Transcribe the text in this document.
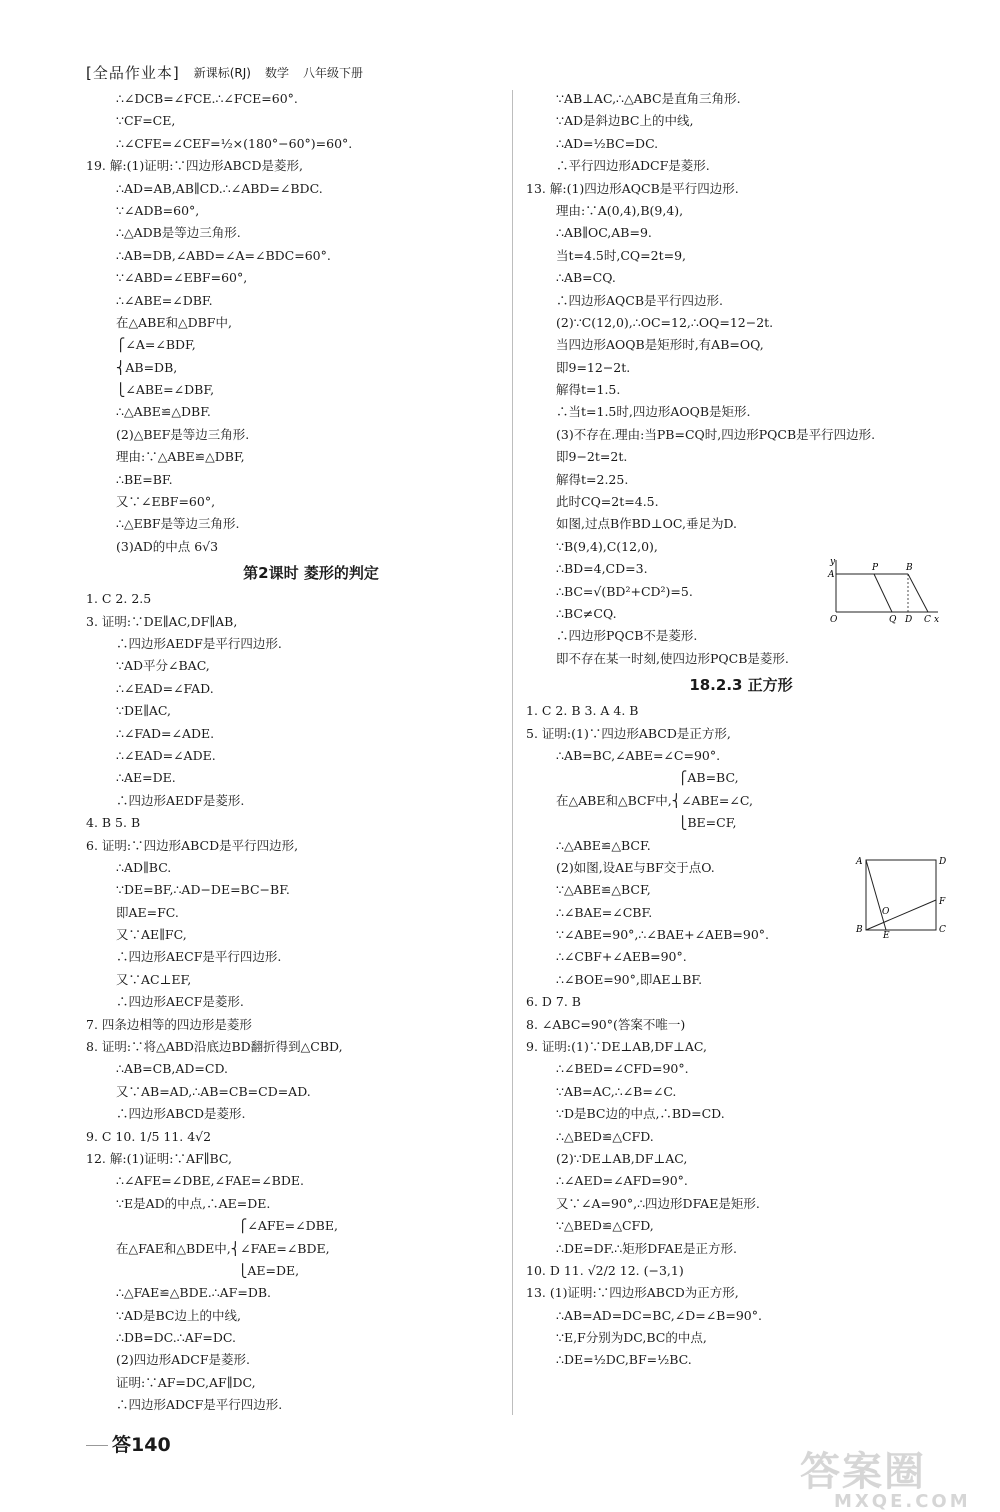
[全品作业本] 新课标(RJ) 数学 八年级下册
∴∠DCB=∠FCE.∴∠FCE=60°.
∵CF=CE,
∴∠CFE=∠CEF=½×(180°−60°)=60°.
19. 解:(1)证明:∵四边形ABCD是菱形,
∴AD=AB,AB∥CD.∴∠ABD=∠BDC.
∵∠ADB=60°,
∴△ADB是等边三角形.
∴AB=DB,∠ABD=∠A=∠BDC=60°.
∵∠ABD=∠EBF=60°,
∴∠ABE=∠DBF.
在△ABE和△DBF中,
⎧∠A=∠BDF,
⎨AB=DB,
⎩∠ABE=∠DBF,
∴△ABE≌△DBF.
(2)△BEF是等边三角形.
理由:∵△ABE≌△DBF,
∴BE=BF.
又∵∠EBF=60°,
∴△EBF是等边三角形.
(3)AD的中点 6√3
第2课时 菱形的判定
1. C 2. 2.5
3. 证明:∵DE∥AC,DF∥AB,
∴四边形AEDF是平行四边形.
∵AD平分∠BAC,
∴∠EAD=∠FAD.
∵DE∥AC,
∴∠FAD=∠ADE.
∴∠EAD=∠ADE.
∴AE=DE.
∴四边形AEDF是菱形.
4. B 5. B
6. 证明:∵四边形ABCD是平行四边形,
∴AD∥BC.
∵DE=BF,∴AD−DE=BC−BF.
即AE=FC.
又∵AE∥FC,
∴四边形AECF是平行四边形.
又∵AC⊥EF,
∴四边形AECF是菱形.
7. 四条边相等的四边形是菱形
8. 证明:∵将△ABD沿底边BD翻折得到△CBD,
∴AB=CB,AD=CD.
又∵AB=AD,∴AB=CB=CD=AD.
∴四边形ABCD是菱形.
9. C 10. 1/5 11. 4√2
12. 解:(1)证明:∵AF∥BC,
∴∠AFE=∠DBE,∠FAE=∠BDE.
∵E是AD的中点,∴AE=DE.
⎧∠AFE=∠DBE,
在△FAE和△BDE中,⎨∠FAE=∠BDE,
⎩AE=DE,
∴△FAE≌△BDE.∴AF=DB.
∵AD是BC边上的中线,
∴DB=DC.∴AF=DC.
(2)四边形ADCF是菱形.
证明:∵AF=DC,AF∥DC,
∴四边形ADCF是平行四边形.
∵AB⊥AC,∴△ABC是直角三角形.
∵AD是斜边BC上的中线,
∴AD=½BC=DC.
∴平行四边形ADCF是菱形.
13. 解:(1)四边形AQCB是平行四边形.
理由:∵A(0,4),B(9,4),
∴AB∥OC,AB=9.
当t=4.5时,CQ=2t=9,
∴AB=CQ.
∴四边形AQCB是平行四边形.
(2)∵C(12,0),∴OC=12,∴OQ=12−2t.
当四边形AOQB是矩形时,有AB=OQ,
即9=12−2t.
解得t=1.5.
∴当t=1.5时,四边形AOQB是矩形.
(3)不存在.理由:当PB=CQ时,四边形PQCB是平行四边形.
即9−2t=2t.
解得t=2.25.
此时CQ=2t=4.5.
如图,过点B作BD⊥OC,垂足为D.
∵B(9,4),C(12,0),
∴BD=4,CD=3.
∴BC=√(BD²+CD²)=5.
∴BC≠CQ.
∴四边形PQCB不是菱形.
即不存在某一时刻,使四边形PQCB是菱形.
18.2.3 正方形
1. C 2. B 3. A 4. B
5. 证明:(1)∵四边形ABCD是正方形,
∴AB=BC,∠ABE=∠C=90°.
⎧AB=BC,
在△ABE和△BCF中,⎨∠ABE=∠C,
⎩BE=CF,
∴△ABE≌△BCF.
(2)如图,设AE与BF交于点O.
∵△ABE≌△BCF,
∴∠BAE=∠CBF.
∵∠ABE=90°,∴∠BAE+∠AEB=90°.
∴∠CBF+∠AEB=90°.
∴∠BOE=90°,即AE⊥BF.
6. D 7. B
8. ∠ABC=90°(答案不唯一)
9. 证明:(1)∵DE⊥AB,DF⊥AC,
∴∠BED=∠CFD=90°.
∵AB=AC,∴∠B=∠C.
∵D是BC边的中点,∴BD=CD.
∴△BED≌△CFD.
(2)∵DE⊥AB,DF⊥AC,
∴∠AED=∠AFD=90°.
又∵∠A=90°,∴四边形DFAE是矩形.
∵△BED≌△CFD,
∴DE=DF.∴矩形DFAE是正方形.
10. D 11. √2/2 12. (−3,1)
13. (1)证明:∵四边形ABCD为正方形,
∴AB=AD=DC=BC,∠D=∠B=90°.
∵E,F分别为DC,BC的中点,
∴DE=½DC,BF=½BC.
y
A
P	B
O	Q D C x
A	D
O
F
B
E
C
答140
答案圈
MXQE.COM
